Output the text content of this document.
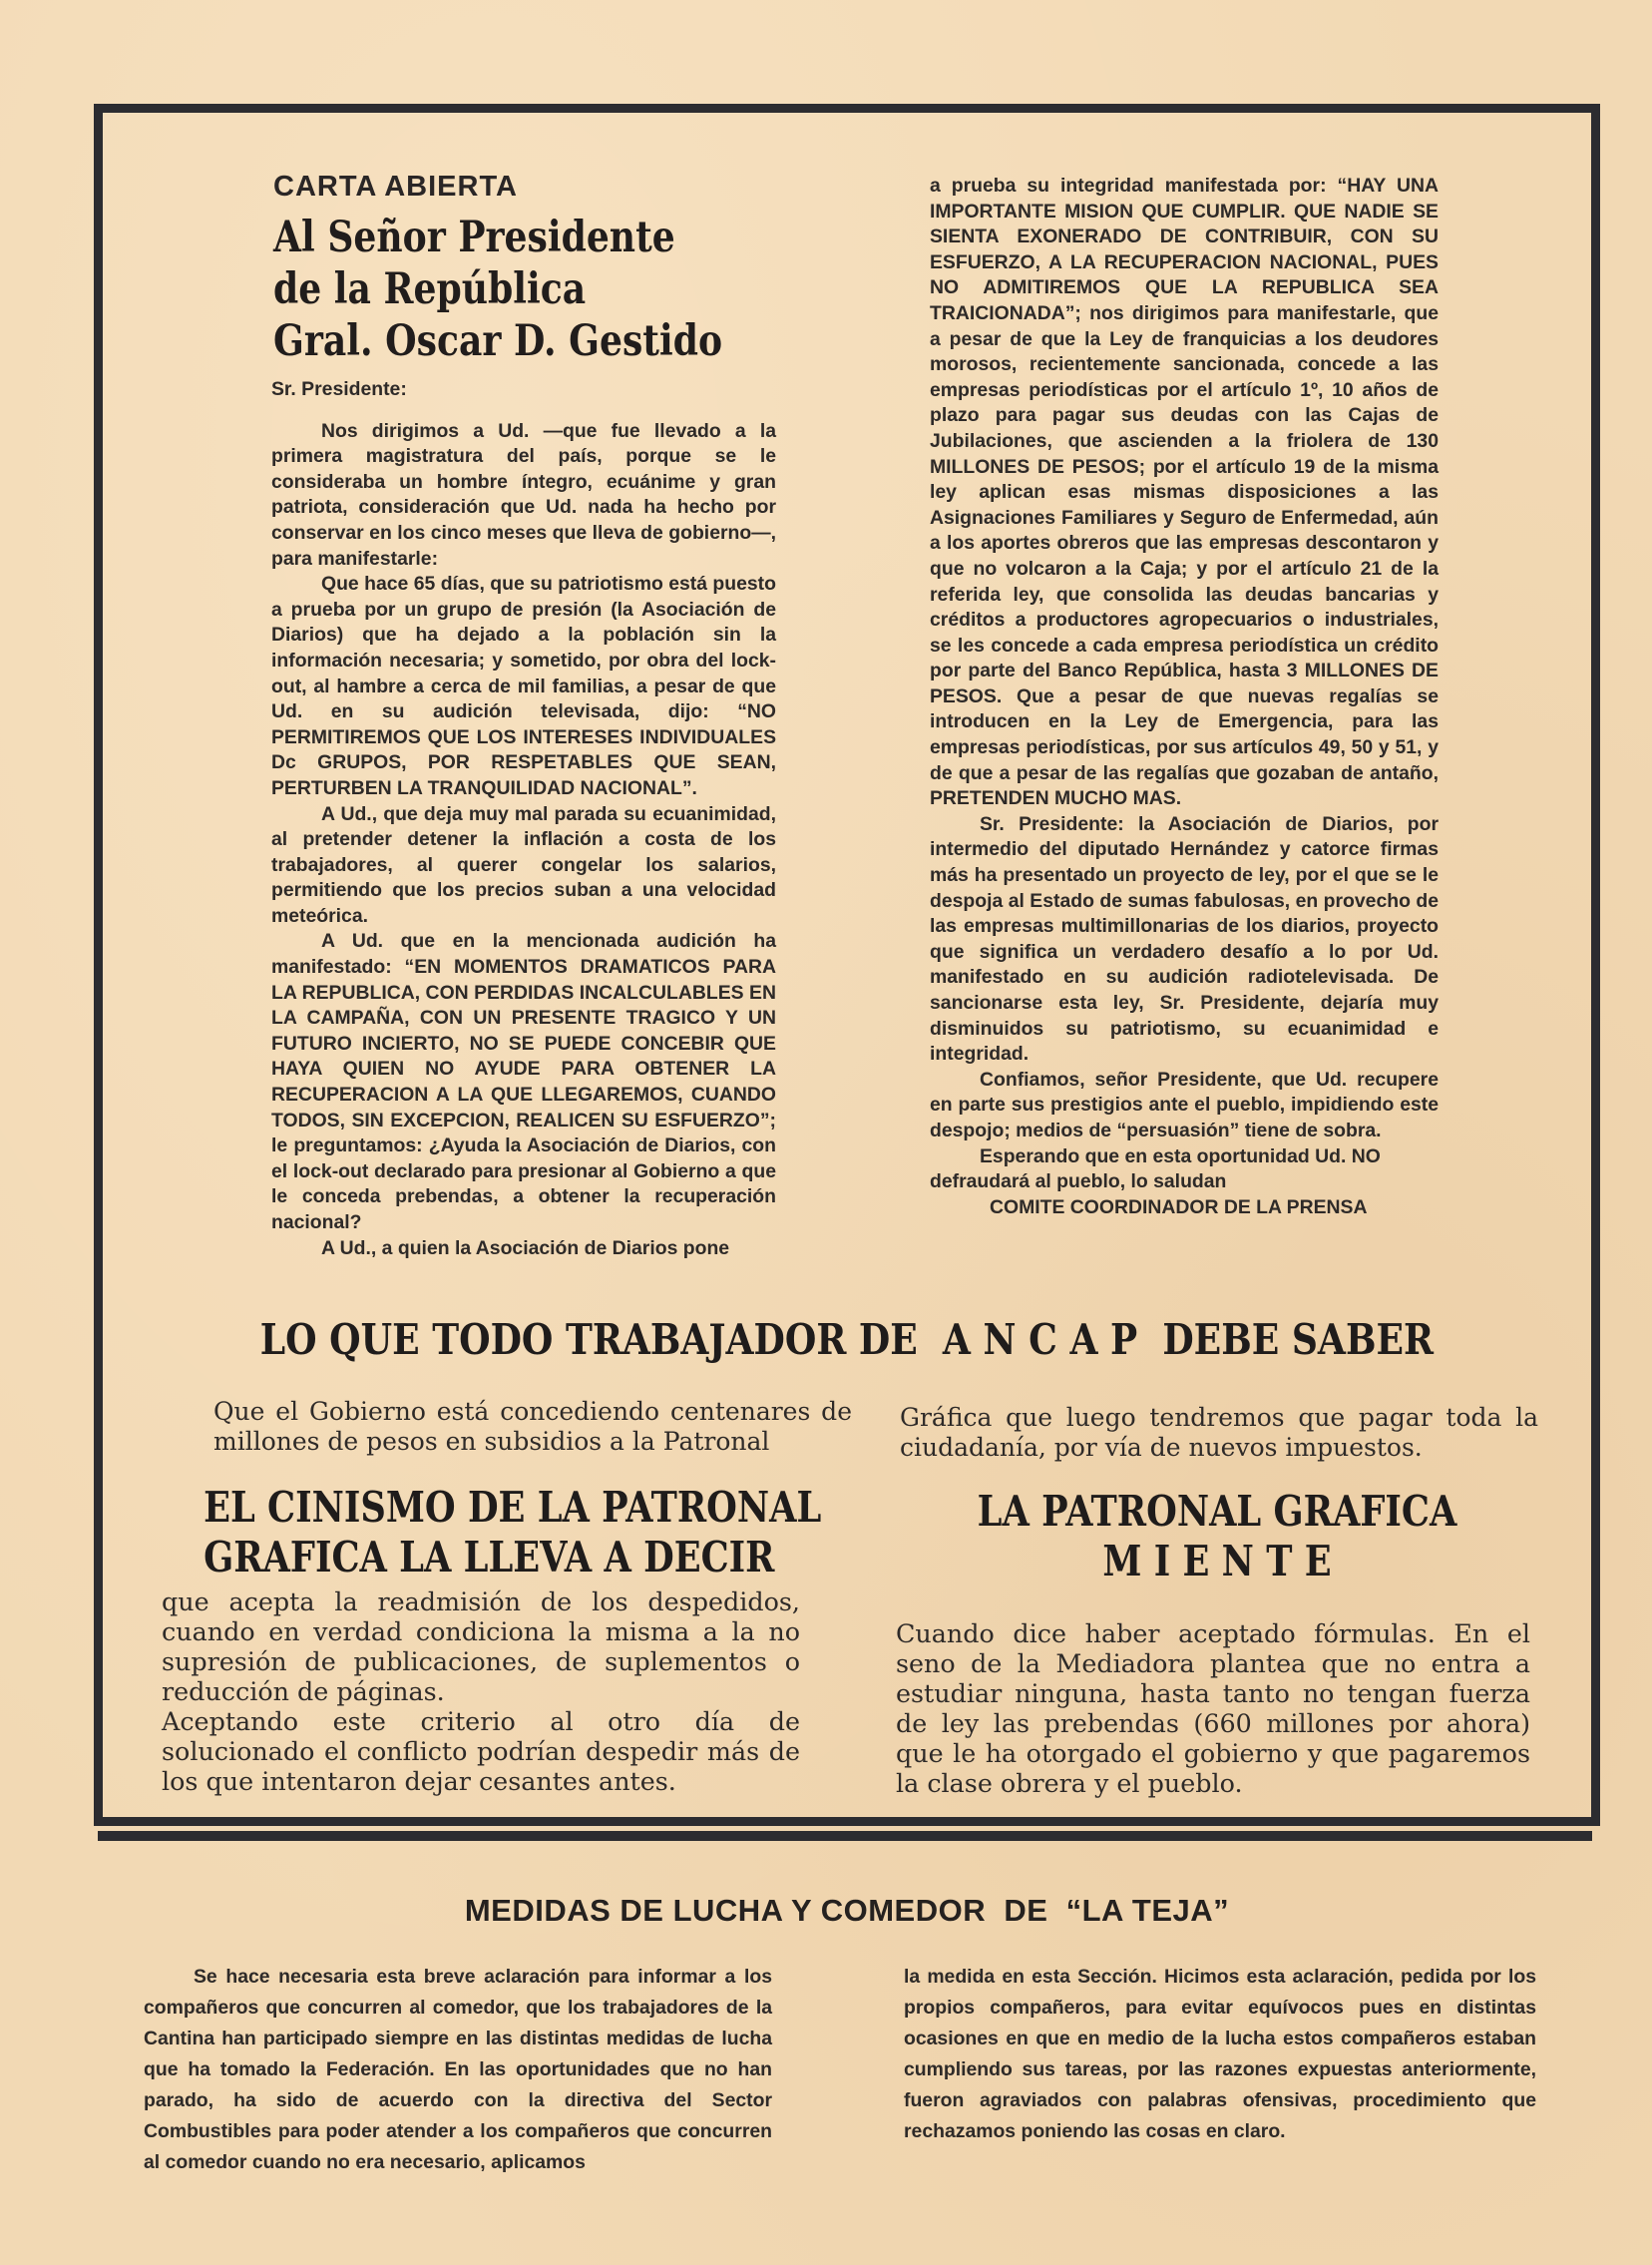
CARTA ABIERTA

Al Señor Presidente
de la República
Gral. Oscar D. Gestido

Sr. Presidente:

Nos dirigimos a Ud. —que fue llevado a la primera magistratura del país, porque se le consideraba un hombre íntegro, ecuánime y gran patriota, consideración que Ud. nada ha hecho por conservar en los cinco meses que lleva de gobierno—, para manifestarle:

Que hace 65 días, que su patriotismo está puesto a prueba por un grupo de presión (la Asociación de Diarios) que ha dejado a la población sin la información necesaria; y sometido, por obra del lock-out, al hambre a cerca de mil familias, a pesar de que Ud. en su audición televisada, dijo: “NO PERMITIREMOS QUE LOS INTERESES INDIVIDUALES Dc GRUPOS, POR RESPETABLES QUE SEAN, PERTURBEN LA TRANQUILIDAD NACIONAL”.

A Ud., que deja muy mal parada su ecuanimidad, al pretender detener la inflación a costa de los trabajadores, al querer congelar los salarios, permitiendo que los precios suban a una velocidad meteórica.

A Ud. que en la mencionada audición ha manifestado: “EN MOMENTOS DRAMATICOS PARA LA REPUBLICA, CON PERDIDAS INCALCULABLES EN LA CAMPAÑA, CON UN PRESENTE TRAGICO Y UN FUTURO INCIERTO, NO SE PUEDE CONCEBIR QUE HAYA QUIEN NO AYUDE PARA OBTENER LA RECUPERACION A LA QUE LLEGAREMOS, CUANDO TODOS, SIN EXCEPCION, REALICEN SU ESFUERZO”; le preguntamos: ¿Ayuda la Asociación de Diarios, con el lock-out declarado para presionar al Gobierno a que le conceda prebendas, a obtener la recuperación nacional?

A Ud., a quien la Asociación de Diarios pone

a prueba su integridad manifestada por: “HAY UNA IMPORTANTE MISION QUE CUMPLIR. QUE NADIE SE SIENTA EXONERADO DE CONTRIBUIR, CON SU ESFUERZO, A LA RECUPERACION NACIONAL, PUES NO ADMITIREMOS QUE LA REPUBLICA SEA TRAICIONADA”; nos dirigimos para manifestarle, que a pesar de que la Ley de franquicias a los deudores morosos, recientemente sancionada, concede a las empresas periodísticas por el artículo 1º, 10 años de plazo para pagar sus deudas con las Cajas de Jubilaciones, que ascienden a la friolera de 130 MILLONES DE PESOS; por el artículo 19 de la misma ley aplican esas mismas disposiciones a las Asignaciones Familiares y Seguro de Enfermedad, aún a los aportes obreros que las empresas descontaron y que no volcaron a la Caja; y por el artículo 21 de la referida ley, que consolida las deudas bancarias y créditos a productores agropecuarios o industriales, se les concede a cada empresa periodística un crédito por parte del Banco República, hasta 3 MILLONES DE PESOS. Que a pesar de que nuevas regalías se introducen en la Ley de Emergencia, para las empresas periodísticas, por sus artículos 49, 50 y 51, y de que a pesar de las regalías que gozaban de antaño, PRETENDEN MUCHO MAS.

Sr. Presidente: la Asociación de Diarios, por intermedio del diputado Hernández y catorce firmas más ha presentado un proyecto de ley, por el que se le despoja al Estado de sumas fabulosas, en provecho de las empresas multimillonarias de los diarios, proyecto que significa un verdadero desafío a lo por Ud. manifestado en su audición radiotelevisada. De sancionarse esta ley, Sr. Presidente, dejaría muy disminuidos su patriotismo, su ecuanimidad e integridad.

Confiamos, señor Presidente, que Ud. recupere en parte sus prestigios ante el pueblo, impidiendo este despojo; medios de “persuasión” tiene de sobra.

Esperando que en esta oportunidad Ud. NO defraudará al pueblo, lo saludan

COMITE COORDINADOR DE LA PRENSA

LO QUE TODO TRABAJADOR DE  A N C A P  DEBE SABER

Que el Gobierno está concediendo centenares de millones de pesos en subsidios a la Patronal

Gráfica que luego tendremos que pagar toda la ciudadanía, por vía de nuevos impuestos.

EL CINISMO DE LA PATRONAL
GRAFICA LA LLEVA A DECIR

que acepta la readmisión de los despedidos, cuando en verdad condiciona la misma a la no supresión de publicaciones, de suplementos o reducción de páginas.

Aceptando este criterio al otro día de solucionado el conflicto podrían despedir más de los que intentaron dejar cesantes antes.

LA PATRONAL GRAFICA
M I E N T E

Cuando dice haber aceptado fórmulas. En el seno de la Mediadora plantea que no entra a estudiar ninguna, hasta tanto no tengan fuerza de ley las prebendas (660 millones por ahora) que le ha otorgado el gobierno y que pagaremos la clase obrera y el pueblo.

MEDIDAS DE LUCHA Y COMEDOR  DE  “LA TEJA”

Se hace necesaria esta breve aclaración para informar a los compañeros que concurren al comedor, que los trabajadores de la Cantina han participado siempre en las distintas medidas de lucha que ha tomado la Federación. En las oportunidades que no han parado, ha sido de acuerdo con la directiva del Sector Combustibles para poder atender a los compañeros que concurren al comedor cuando no era necesario, aplicamos

la medida en esta Sección. Hicimos esta aclaración, pedida por los propios compañeros, para evitar equívocos pues en distintas ocasiones en que en medio de la lucha estos compañeros estaban cumpliendo sus tareas, por las razones expuestas anteriormente, fueron agraviados con palabras ofensivas, procedimiento que rechazamos poniendo las cosas en claro.
